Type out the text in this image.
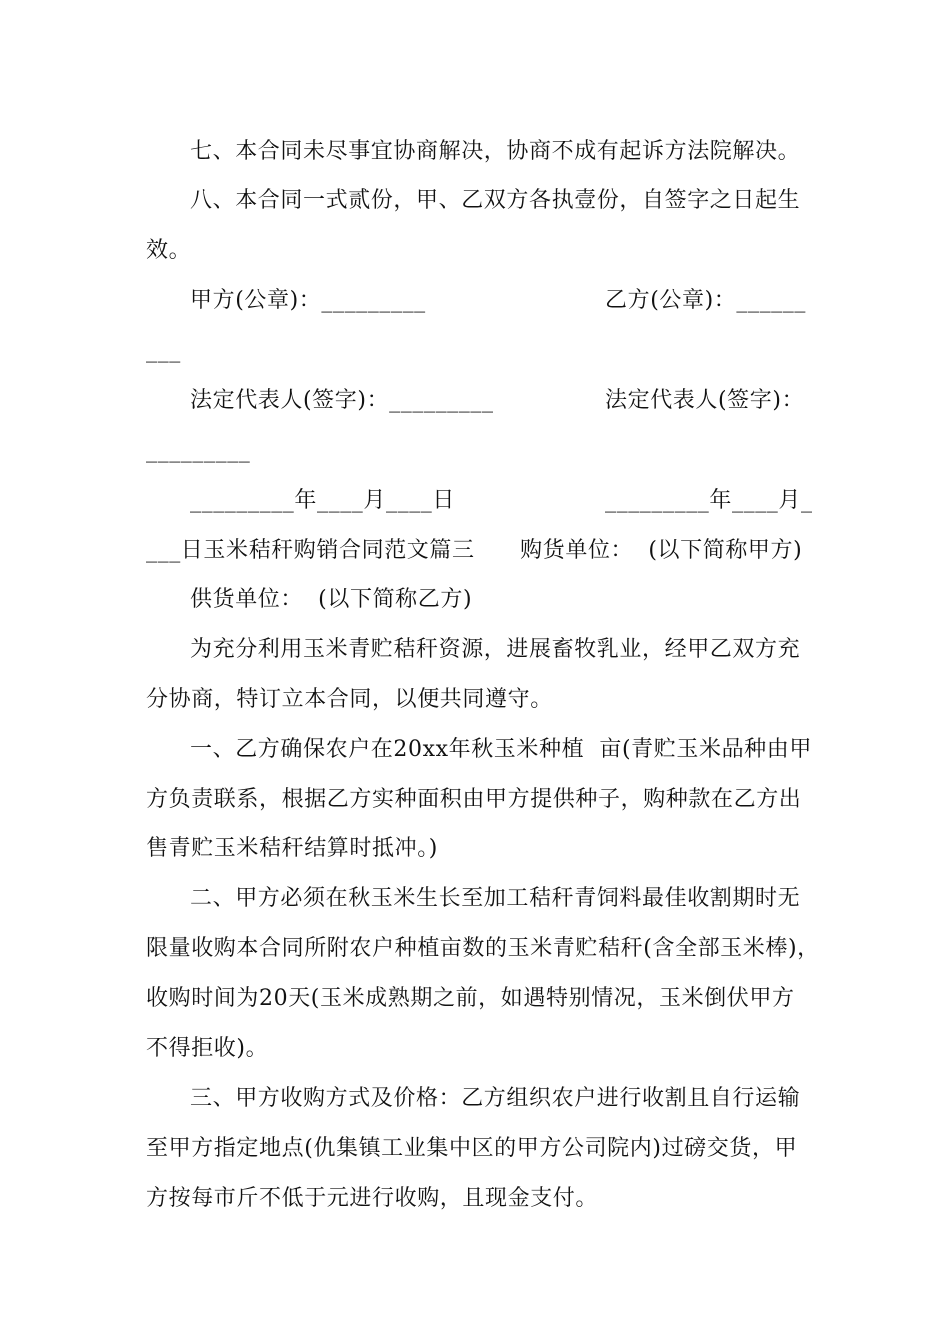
七、本合同未尽事宜协商解决，协商不成有起诉方法院解决。
八、本合同一式贰份，甲、乙双方各执壹份，自签字之日起生
效。
甲方(公章)：_________	乙方(公章)：______
___
法定代表人(签字)：_________	法定代表人(签字)：
_________
_________年____月____日	_________年____月_
___日玉米秸秆购销合同范文篇三      购货单位：  (以下简称甲方)
供货单位：  (以下简称乙方)
为充分利用玉米青贮秸秆资源，进展畜牧乳业，经甲乙双方充
分协商，特订立本合同，以便共同遵守。
一、乙方确保农户在20xx年秋玉米种植  亩(青贮玉米品种由甲
方负责联系，根据乙方实种面积由甲方提供种子，购种款在乙方出
售青贮玉米秸秆结算时抵冲。)
二、甲方必须在秋玉米生长至加工秸秆青饲料最佳收割期时无
限量收购本合同所附农户种植亩数的玉米青贮秸秆(含全部玉米棒)，
收购时间为20天(玉米成熟期之前，如遇特别情况，玉米倒伏甲方
不得拒收)。
三、甲方收购方式及价格：乙方组织农户进行收割且自行运输
至甲方指定地点(仇集镇工业集中区的甲方公司院内)过磅交货，甲
方按每市斤不低于元进行收购，且现金支付。
